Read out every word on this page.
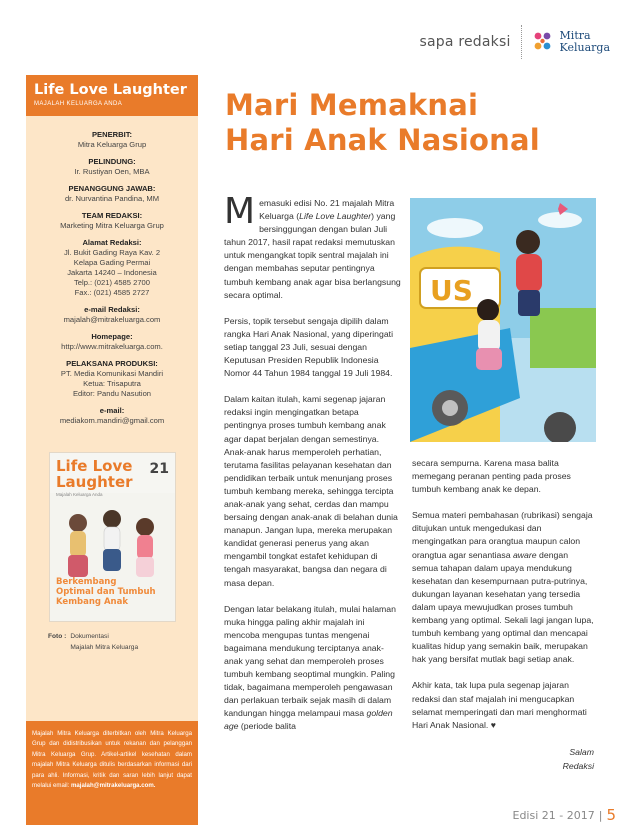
sapa redaksi	Mitra
Keluarga
Life Love Laughter
MAJALAH KELUARGA ANDA
PENERBIT:
Mitra Keluarga Grup
PELINDUNG:
Ir. Rustiyan Oen, MBA
PENANGGUNG JAWAB:
dr. Nurvantina Pandina, MM
TEAM REDAKSI:
Marketing Mitra Keluarga Grup
Alamat Redaksi:
Jl. Bukit Gading Raya Kav. 2
Kelapa Gading Permai
Jakarta 14240 – Indonesia
Telp.: (021) 4585 2700
Fax.: (021) 4585 2727
e-mail Redaksi:
majalah@mitrakeluarga.com
Homepage:
http://www.mitrakeluarga.com.
PELAKSANA PRODUKSI:
PT. Media Komunikasi Mandiri
Ketua: Trisaputra
Editor: Pandu Nasution
e-mail:
mediakom.mandiri@gmail.com
Life Love
Laughter
21
Majalah Keluarga Anda
Berkembang
Optimal dan Tumbuh
Kembang Anak
Foto : Dokumentasi
Majalah Mitra Keluarga
Majalah Mitra Keluarga diterbitkan oleh Mitra Keluarga Grup dan didistribusikan untuk rekanan dan pelanggan Mitra Keluarga Grup. Artikel-artikel kesehatan dalam majalah Mitra Keluarga ditulis berdasarkan informasi dari para ahli. Informasi, kritik dan saran lebih lanjut dapat melalui email: majalah@mitrakeluarga.com.
Mari Memaknai
Hari Anak Nasional

Memasuki edisi No. 21 majalah Mitra Keluarga (Life Love Laughter) yang bersinggungan dengan bulan Juli tahun 2017, hasil rapat redaksi memutuskan untuk mengangkat topik sentral majalah ini dengan membahas seputar pentingnya tumbuh kembang anak agar bisa berlangsung secara optimal.

Persis, topik tersebut sengaja dipilih dalam rangka Hari Anak Nasional, yang diperingati setiap tanggal 23 Juli, sesuai dengan Keputusan Presiden Republik Indonesia Nomor 44 Tahun 1984 tanggal 19 Juli 1984.

Dalam kaitan itulah, kami segenap jajaran redaksi ingin mengingatkan betapa pentingnya proses tumbuh kembang anak agar dapat berjalan dengan semestinya. Anak-anak harus memperoleh perhatian, terutama fasilitas pelayanan kesehatan dan pendidikan terbaik untuk menunjang proses tumbuh kembang mereka, sehingga tercipta anak-anak yang sehat, cerdas dan mampu bersaing dengan anak-anak di belahan dunia manapun. Jangan lupa, mereka merupakan kandidat generasi penerus yang akan mengambil tongkat estafet kehidupan di tengah masyarakat, bangsa dan negara di masa depan.

Dengan latar belakang itulah, mulai halaman muka hingga paling akhir majalah ini mencoba mengupas tuntas mengenai bagaimana mendukung terciptanya anak-anak yang sehat dan memperoleh proses tumbuh kembang seoptimal mungkin. Paling tidak, bagaimana memperoleh pengawasan dan perlakuan terbaik sejak masih di dalam kandungan hingga melampaui masa golden age (periode balita

US

secara sempurna. Karena masa balita memegang peranan penting pada proses tumbuh kembang anak ke depan.

Semua materi pembahasan (rubrikasi) sengaja ditujukan untuk mengedukasi dan mengingatkan para orangtua maupun calon orangtua agar senantiasa aware dengan semua tahapan dalam upaya mendukung kesehatan dan kesempurnaan putra-putrinya, dukungan layanan kesehatan yang tersedia dalam upaya mewujudkan proses tumbuh kembang yang optimal. Sekali lagi jangan lupa, tumbuh kembang yang optimal dan mencapai kualitas hidup yang semakin baik, merupakan hak yang bersifat mutlak bagi setiap anak.

Akhir kata, tak lupa pula segenap jajaran redaksi dan staf majalah ini mengucapkan selamat memperingati dan mari menghormati Hari Anak Nasional. ♥

Salam
Redaksi
Edisi 21 - 2017 | 5
